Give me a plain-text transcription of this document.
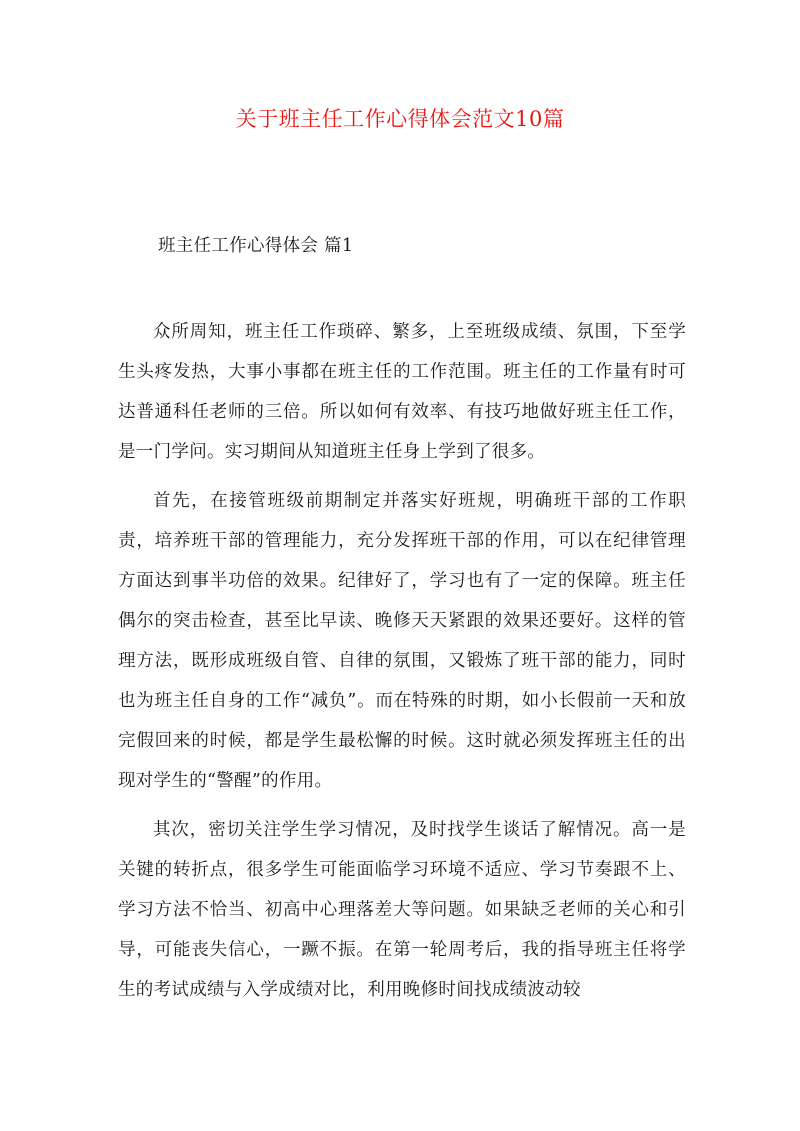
关于班主任工作心得体会范文10篇
班主任工作心得体会 篇1

众所周知，班主任工作琐碎、繁多，上至班级成绩、氛围，下至学生头疼发热，大事小事都在班主任的工作范围。班主任的工作量有时可达普通科任老师的三倍。所以如何有效率、有技巧地做好班主任工作，是一门学问。实习期间从知道班主任身上学到了很多。

首先，在接管班级前期制定并落实好班规，明确班干部的工作职责，培养班干部的管理能力，充分发挥班干部的作用，可以在纪律管理方面达到事半功倍的效果。纪律好了，学习也有了一定的保障。班主任偶尔的突击检查，甚至比早读、晚修天天紧跟的效果还要好。这样的管理方法，既形成班级自管、自律的氛围，又锻炼了班干部的能力，同时也为班主任自身的工作“减负”。而在特殊的时期，如小长假前一天和放完假回来的时候，都是学生最松懈的时候。这时就必须发挥班主任的出现对学生的“警醒”的作用。

其次，密切关注学生学习情况，及时找学生谈话了解情况。高一是关键的转折点，很多学生可能面临学习环境不适应、学习节奏跟不上、学习方法不恰当、初高中心理落差大等问题。如果缺乏老师的关心和引导，可能丧失信心，一蹶不振。在第一轮周考后，我的指导班主任将学生的考试成绩与入学成绩对比，利用晚修时间找成绩波动较
